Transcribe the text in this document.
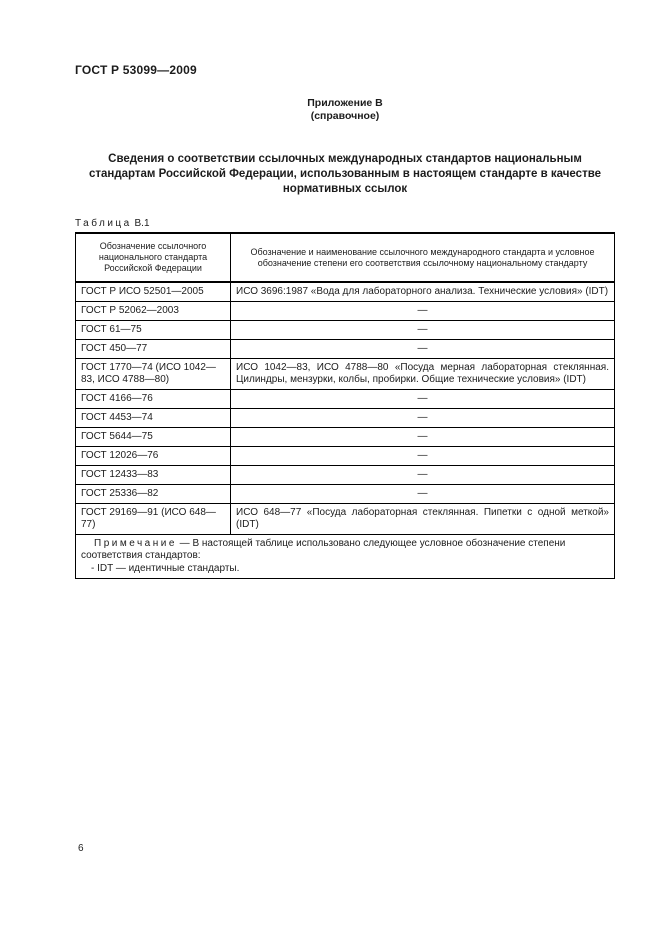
ГОСТ Р 53099—2009
Приложение В
(справочное)
Сведения о соответствии ссылочных международных стандартов национальным стандартам Российской Федерации, использованным в настоящем стандарте в качестве нормативных ссылок
Таблица В.1
Обозначение ссылочного национального стандарта Российской Федерации	Обозначение и наименование ссылочного международного стандарта и условное обозначение степени его соответствия ссылочному национальному стандарту
ГОСТ Р ИСО 52501—2005	ИСО 3696:1987 «Вода для лабораторного анализа. Технические условия» (IDT)
ГОСТ Р 52062—2003	—
ГОСТ 61—75	—
ГОСТ 450—77	—
ГОСТ 1770—74 (ИСО 1042—83, ИСО 4788—80)	ИСО 1042—83, ИСО 4788—80 «Посуда мерная лабораторная стеклянная. Цилиндры, мензурки, колбы, пробирки. Общие технические условия» (IDT)
ГОСТ 4166—76	—
ГОСТ 4453—74	—
ГОСТ 5644—75	—
ГОСТ 12026—76	—
ГОСТ 12433—83	—
ГОСТ 25336—82	—
ГОСТ 29169—91 (ИСО 648—77)	ИСО 648—77 «Посуда лабораторная стеклянная. Пипетки с одной меткой» (IDT)

Примечание — В настоящей таблице использовано следующее условное обозначение степени соответствия стандартов:
- IDT — идентичные стандарты.	
6
